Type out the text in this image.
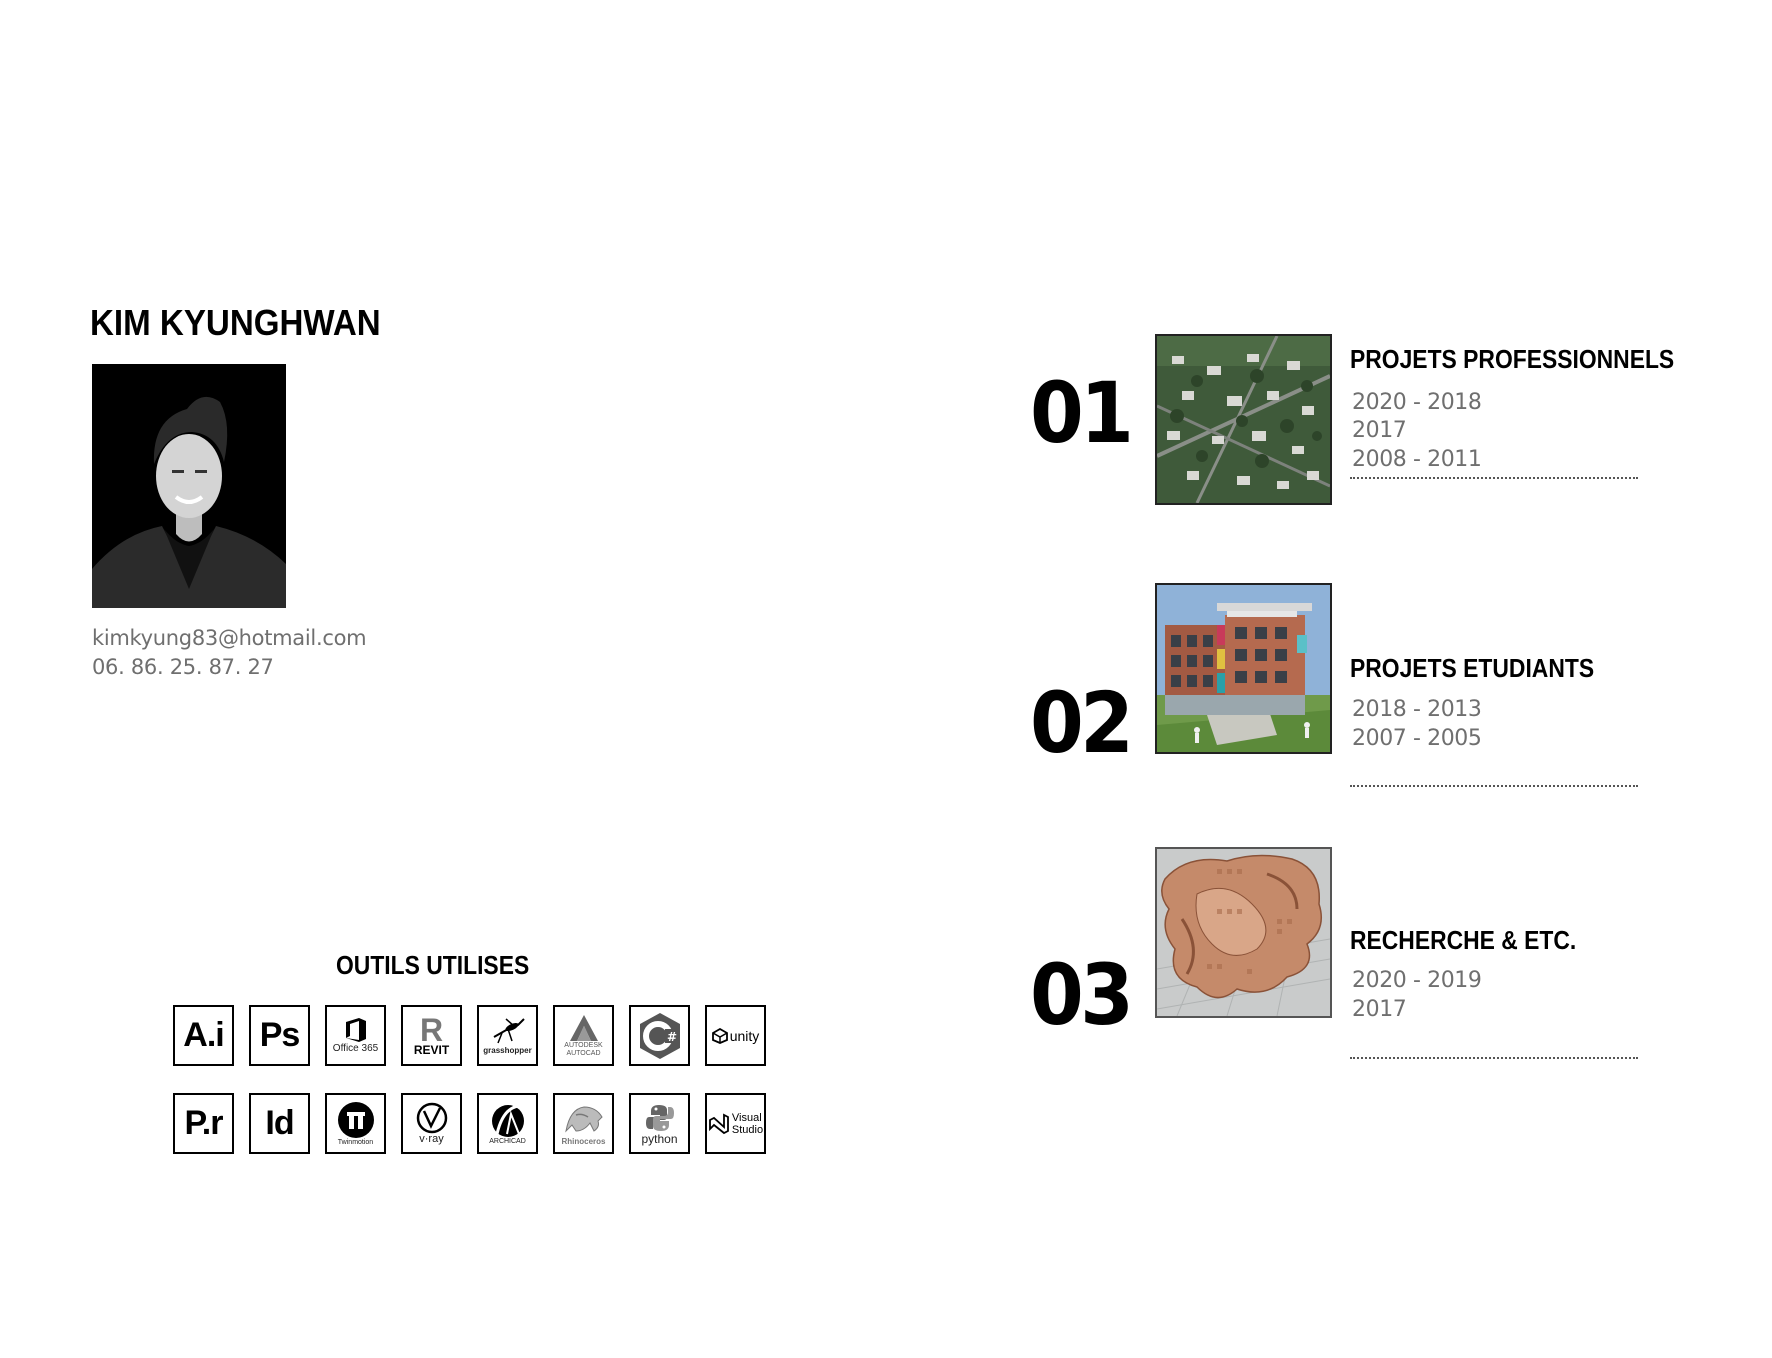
KIM KYUNGHWAN
kimkyung83@hotmail.com
06. 86. 25. 87. 27
OUTILS UTILISES
A.i Ps	Office 365
R
REVIT	grasshopper
AUTODESK
AUTOCAD
#	unity
P.r Id	Twinmotion	v·ray	ARCHICAD	Rhinoceros	python
Visual
Studio
01
PROJETS PROFESSIONNELS
2020 - 2018
2017
2008 - 2011
02
PROJETS ETUDIANTS
2018 - 2013
2007 - 2005
03
RECHERCHE & ETC.
2020 - 2019
2017
